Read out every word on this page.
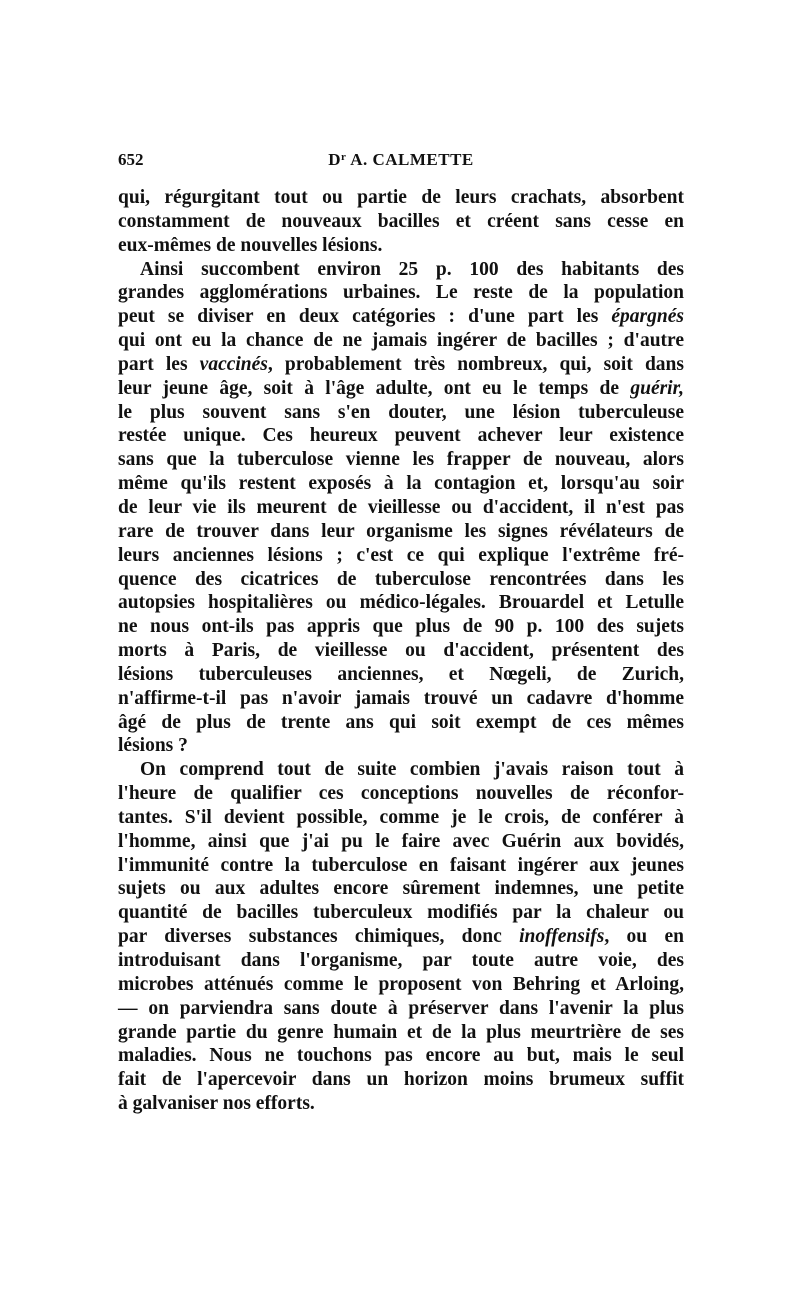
652	$D^r$ A. CALMETTE
qui, régurgitant tout ou partie de leurs crachats, absorbent
constamment de nouveaux bacilles et créent sans cesse en
eux-mêmes de nouvelles lésions.
Ainsi succombent environ 25 p. 100 des habitants des
grandes agglomérations urbaines. Le reste de la population
peut se diviser en deux catégories : d'une part les épargnés
qui ont eu la chance de ne jamais ingérer de bacilles ; d'autre
part les vaccinés, probablement très nombreux, qui, soit dans
leur jeune âge, soit à l'âge adulte, ont eu le temps de guérir,
le plus souvent sans s'en douter, une lésion tuberculeuse
restée unique. Ces heureux peuvent achever leur existence
sans que la tuberculose vienne les frapper de nouveau, alors
même qu'ils restent exposés à la contagion et, lorsqu'au soir
de leur vie ils meurent de vieillesse ou d'accident, il n'est pas
rare de trouver dans leur organisme les signes révélateurs de
leurs anciennes lésions ; c'est ce qui explique l'extrême fré-
quence des cicatrices de tuberculose rencontrées dans les
autopsies hospitalières ou médico-légales. Brouardel et Letulle
ne nous ont-ils pas appris que plus de 90 p. 100 des sujets
morts à Paris, de vieillesse ou d'accident, présentent des
lésions tuberculeuses anciennes, et Nœgeli, de Zurich,
n'affirme-t-il pas n'avoir jamais trouvé un cadavre d'homme
âgé de plus de trente ans qui soit exempt de ces mêmes
lésions ?
On comprend tout de suite combien j'avais raison tout à
l'heure de qualifier ces conceptions nouvelles de réconfor-
tantes. S'il devient possible, comme je le crois, de conférer à
l'homme, ainsi que j'ai pu le faire avec Guérin aux bovidés,
l'immunité contre la tuberculose en faisant ingérer aux jeunes
sujets ou aux adultes encore sûrement indemnes, une petite
quantité de bacilles tuberculeux modifiés par la chaleur ou
par diverses substances chimiques, donc inoffensifs, ou en
introduisant dans l'organisme, par toute autre voie, des
microbes atténués comme le proposent von Behring et Arloing,
— on parviendra sans doute à préserver dans l'avenir la plus
grande partie du genre humain et de la plus meurtrière de ses
maladies. Nous ne touchons pas encore au but, mais le seul
fait de l'apercevoir dans un horizon moins brumeux suffit
à galvaniser nos efforts.
